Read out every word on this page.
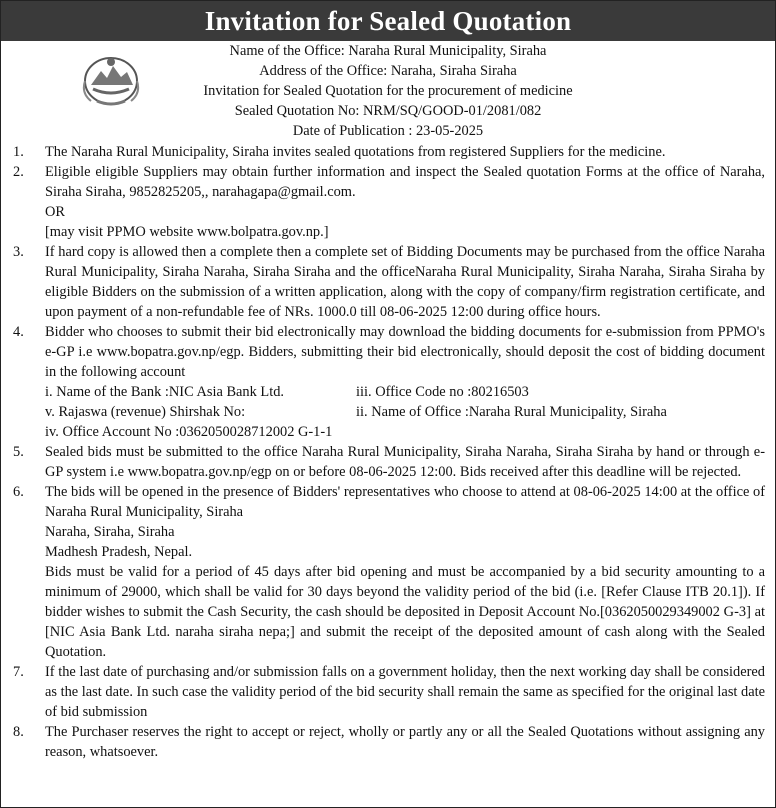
Invitation for Sealed Quotation
Name of the Office: Naraha Rural Municipality, Siraha
Address of the Office: Naraha, Siraha Siraha
Invitation for Sealed Quotation for the procurement of medicine
Sealed Quotation No: NRM/SQ/GOOD-01/2081/082
Date of Publication : 23-05-2025
1. The Naraha Rural Municipality, Siraha invites sealed quotations from registered Suppliers for the medicine.
2. Eligible eligible Suppliers may obtain further information and inspect the Sealed quotation Forms at the office of Naraha, Siraha Siraha, 9852825205,, narahagapa@gmail.com.
OR
[may visit PPMO website www.bolpatra.gov.np.]
3. If hard copy is allowed then a complete then a complete set of Bidding Documents may be purchased from the office Naraha Rural Municipality, Siraha Naraha, Siraha Siraha and the officeNaraha Rural Municipality, Siraha Naraha, Siraha Siraha by eligible Bidders on the submission of a written application, along with the copy of company/firm registration certificate, and upon payment of a non-refundable fee of NRs. 1000.0 till 08-06-2025 12:00 during office hours.
4. Bidder who chooses to submit their bid electronically may download the bidding documents for e-submission from PPMO's e-GP i.e www.bopatra.gov.np/egp. Bidders, submitting their bid electronically, should deposit the cost of bidding document in the following account
i. Name of the Bank :NIC Asia Bank Ltd.	iii. Office Code no :80216503
v. Rajaswa (revenue) Shirshak No:	ii. Name of Office :Naraha Rural Municipality, Siraha
iv. Office Account No :0362050028712002 G-1-1
5. Sealed bids must be submitted to the office Naraha Rural Municipality, Siraha Naraha, Siraha Siraha by hand or through e-GP system i.e www.bopatra.gov.np/egp on or before 08-06-2025 12:00. Bids received after this deadline will be rejected.
6. The bids will be opened in the presence of Bidders' representatives who choose to attend at 08-06-2025 14:00 at the office of Naraha Rural Municipality, Siraha
Naraha, Siraha, Siraha
Madhesh Pradesh, Nepal.
Bids must be valid for a period of 45 days after bid opening and must be accompanied by a bid security amounting to a minimum of 29000, which shall be valid for 30 days beyond the validity period of the bid (i.e. [Refer Clause ITB 20.1]). If bidder wishes to submit the Cash Security, the cash should be deposited in Deposit Account No.[0362050029349002 G-3] at [NIC Asia Bank Ltd. naraha siraha nepa;] and submit the receipt of the deposited amount of cash along with the Sealed Quotation.
7. If the last date of purchasing and/or submission falls on a government holiday, then the next working day shall be considered as the last date. In such case the validity period of the bid security shall remain the same as specified for the original last date of bid submission
8. The Purchaser reserves the right to accept or reject, wholly or partly any or all the Sealed Quotations without assigning any reason, whatsoever.
